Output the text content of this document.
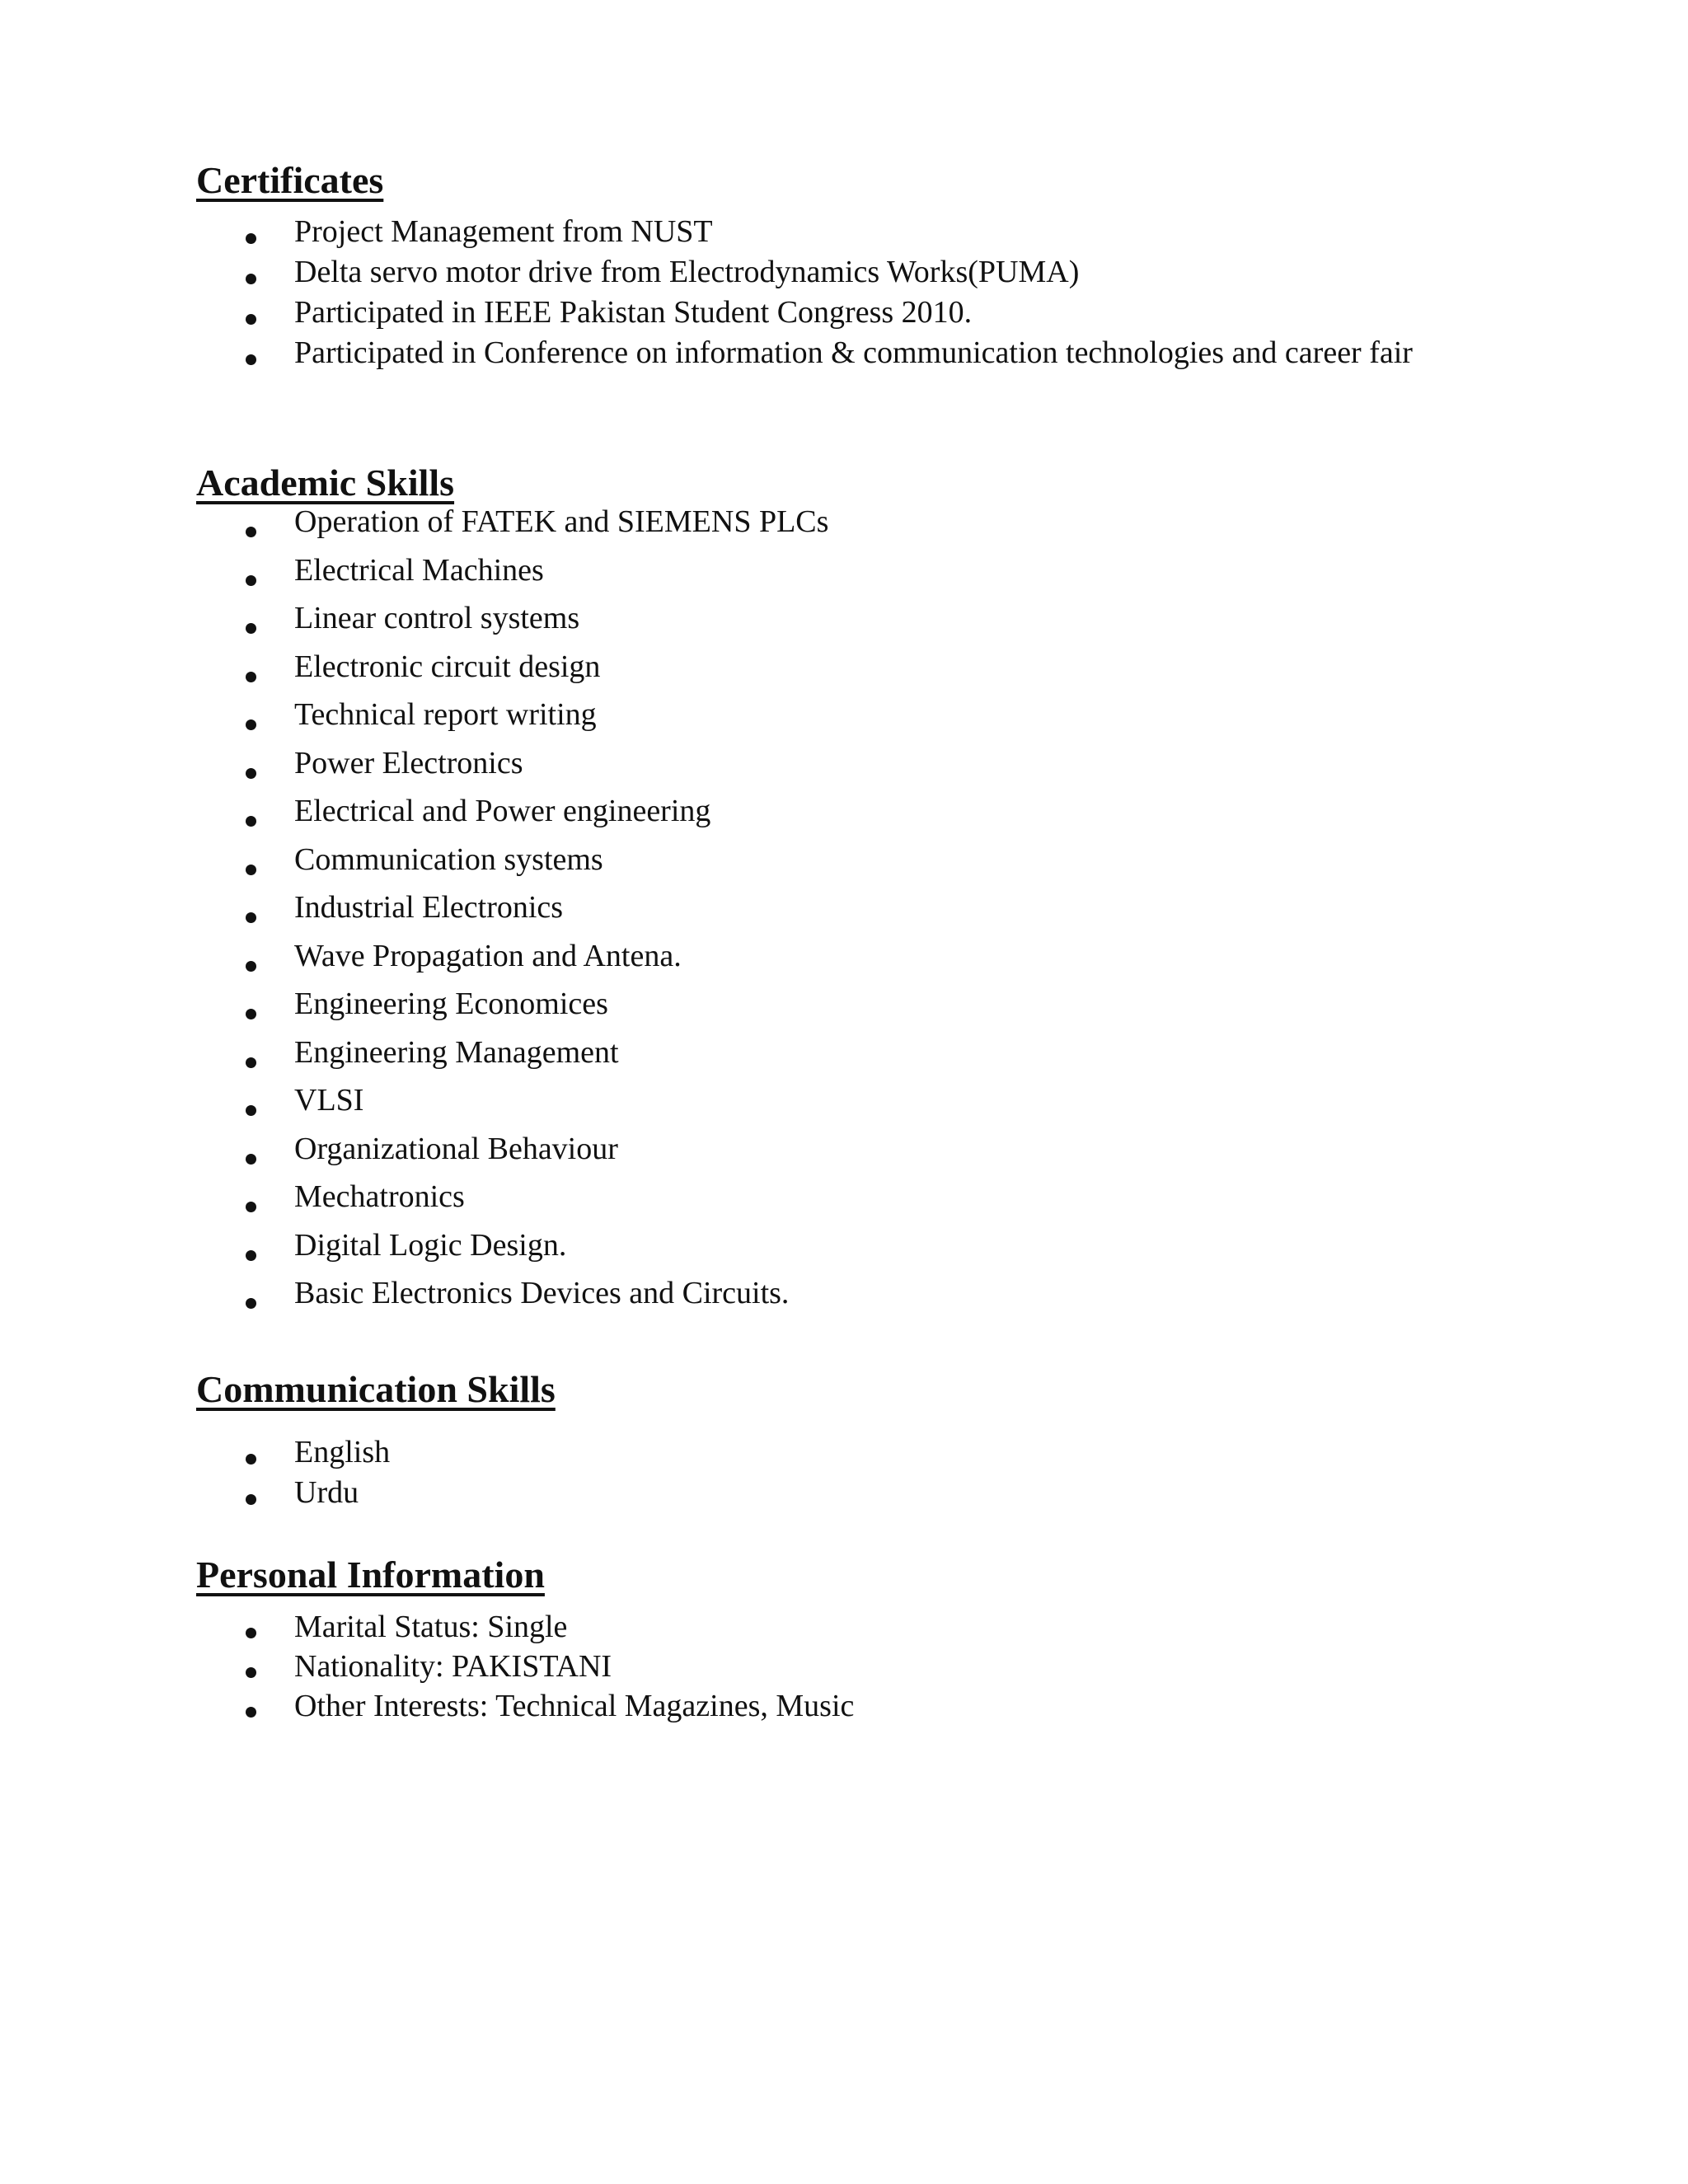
Certificates
Project Management from NUST
Delta servo motor drive from Electrodynamics Works(PUMA)
Participated in IEEE Pakistan Student Congress 2010.
Participated in Conference on information & communication technologies and career fair
Academic Skills
Operation of FATEK and SIEMENS PLCs
Electrical Machines
Linear control systems
Electronic circuit design
Technical report writing
Power Electronics
Electrical and Power engineering
Communication systems
Industrial Electronics
Wave Propagation and Antena.
Engineering Economices
Engineering Management
VLSI
Organizational Behaviour
Mechatronics
Digital Logic Design.
Basic Electronics Devices and Circuits.
Communication Skills
English
Urdu
Personal Information
Marital Status: Single
Nationality: PAKISTANI
Other Interests: Technical Magazines, Music
